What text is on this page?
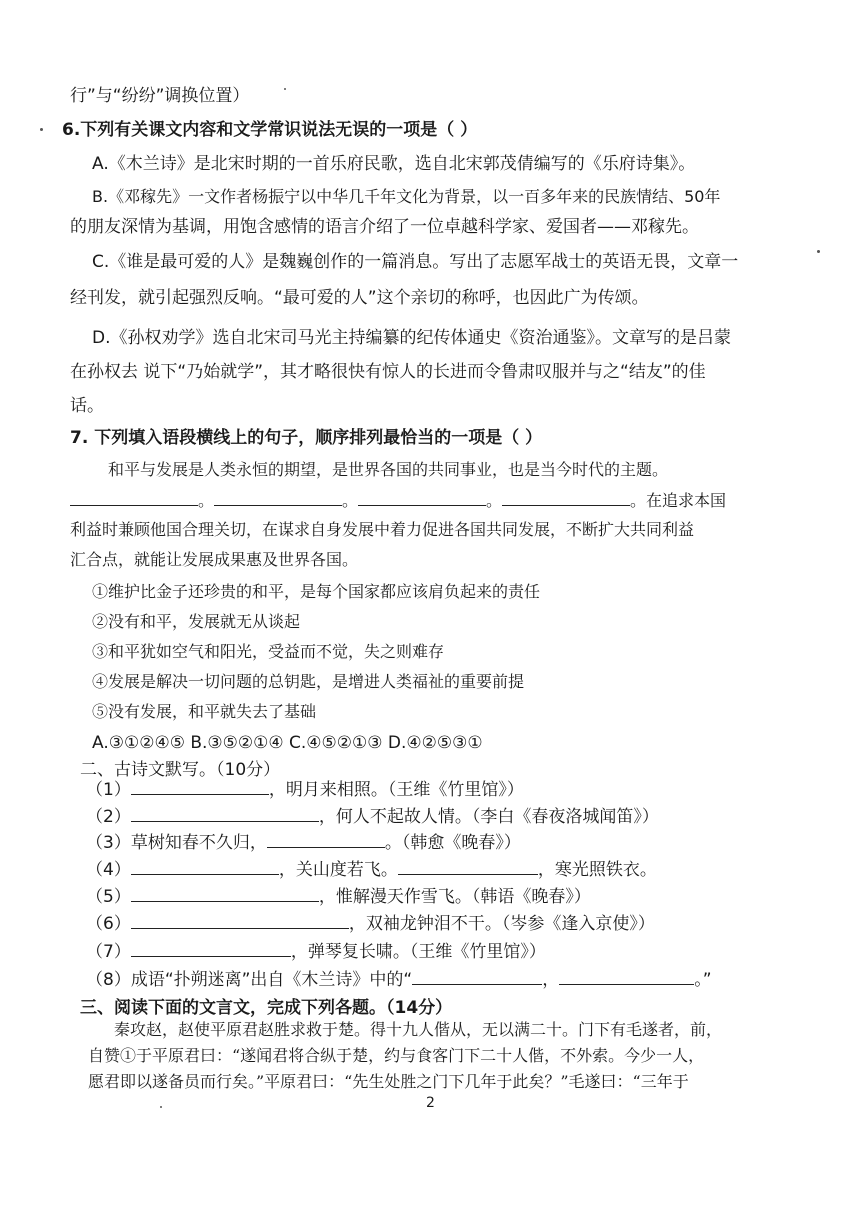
行”与“纷纷”调换位置）
6.下列有关课文内容和文学常识说法无误的一项是（ ）
A.《木兰诗》是北宋时期的一首乐府民歌，选自北宋郭茂倩编写的《乐府诗集》。
B.《邓稼先》一文作者杨振宁以中华几千年文化为背景，以一百多年来的民族情结、50年
的朋友深情为基调，用饱含感情的语言介绍了一位卓越科学家、爱国者——邓稼先。
C.《谁是最可爱的人》是魏巍创作的一篇消息。写出了志愿军战士的英语无畏，文章一
经刊发，就引起强烈反响。“最可爱的人”这个亲切的称呼，也因此广为传颂。
D.《孙权劝学》选自北宋司马光主持编纂的纪传体通史《资治通鉴》。文章写的是吕蒙
在孙权去 说下“乃始就学”，其才略很快有惊人的长进而令鲁肃叹服并与之“结友”的佳
话。
7. 下列填入语段横线上的句子，顺序排列最恰当的一项是（ ）
和平与发展是人类永恒的期望，是世界各国的共同事业，也是当今时代的主题。
。	。	。	。在追求本国
利益时兼顾他国合理关切，在谋求自身发展中着力促进各国共同发展，不断扩大共同利益
汇合点，就能让发展成果惠及世界各国。
①维护比金子还珍贵的和平，是每个国家都应该肩负起来的责任
②没有和平，发展就无从谈起
③和平犹如空气和阳光，受益而不觉，失之则难存
④发展是解决一切问题的总钥匙，是增进人类福祉的重要前提
⑤没有发展，和平就失去了基础
A.③①②④⑤ B.③⑤②①④ C.④⑤②①③ D.④②⑤③①
二、古诗文默写。（10分）
（1）	，明月来相照。（王维《竹里馆》）
（2）	，何人不起故人情。（李白《春夜洛城闻笛》）
（3）草树知春不久归，	。（韩愈《晚春》）
（4）	，关山度若飞。	，寒光照铁衣。
（5）	，惟解漫天作雪飞。（韩语《晚春》）
（6）	，双袖龙钟泪不干。（岑参《逢入京使》）
（7）	，弹琴复长啸。（王维《竹里馆》）
（8）成语“扑朔迷离”出自《木兰诗》中的“	，	。”
三、阅读下面的文言文，完成下列各题。（14分）
秦攻赵，赵使平原君赵胜求救于楚。得十九人偕从，无以满二十。门下有毛遂者，前，
自赞①于平原君曰：“遂闻君将合纵于楚，约与食客门下二十人偕，不外索。今少一人，
愿君即以遂备员而行矣。”平原君曰：“先生处胜之门下几年于此矣？”毛遂曰：“三年于
2
